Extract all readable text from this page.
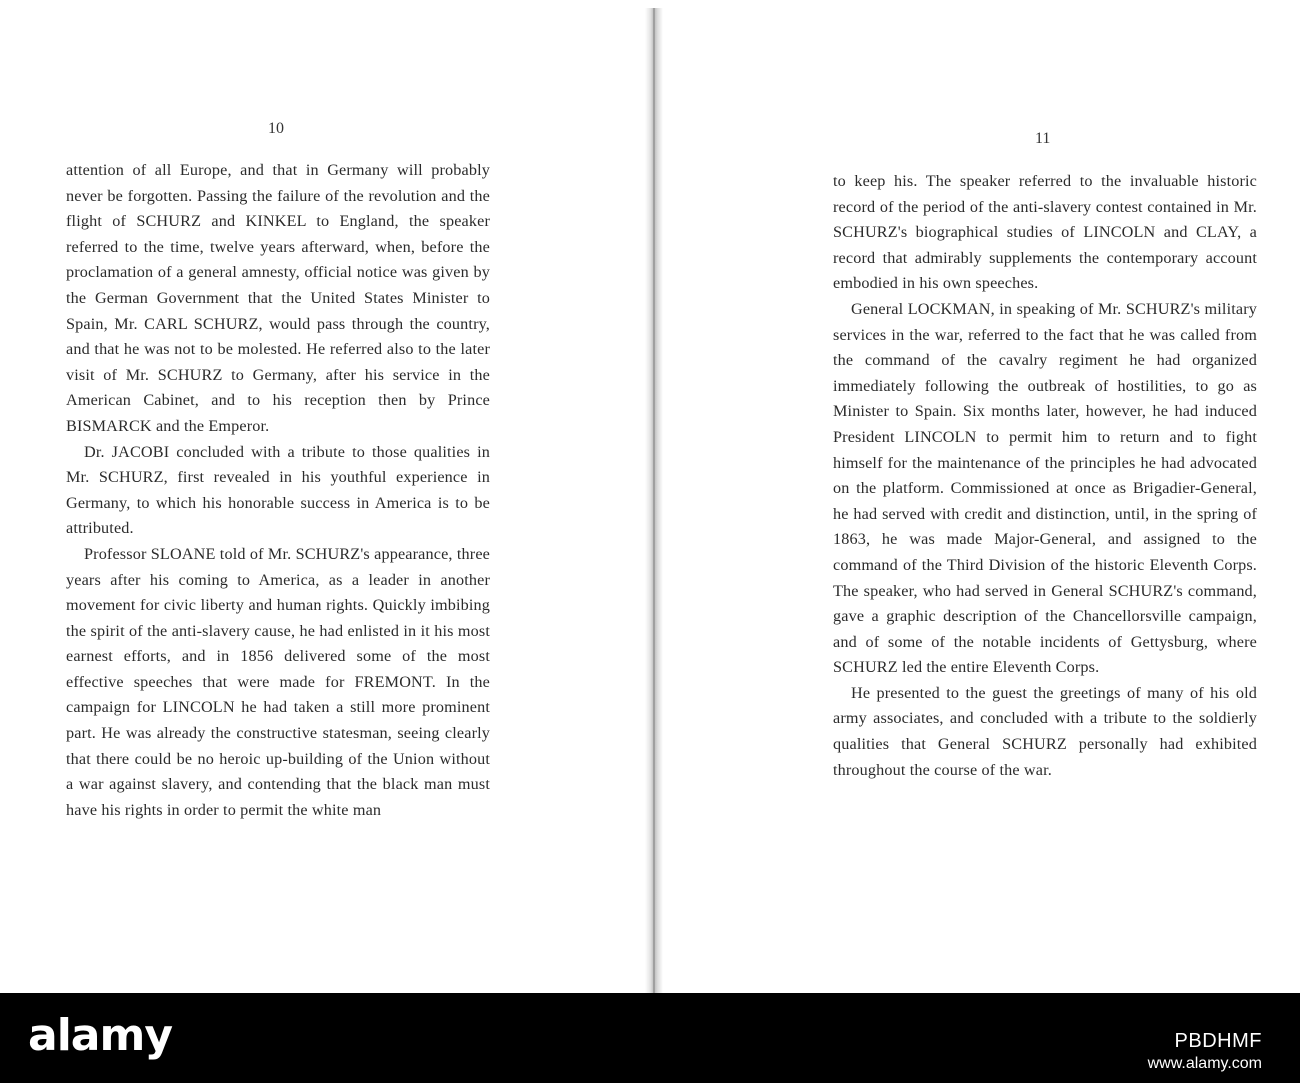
10

attention of all Europe, and that in Germany will probably never be forgotten. Passing the failure of the revolution and the flight of SCHURZ and KINKEL to England, the speaker referred to the time, twelve years afterward, when, before the proclamation of a general amnesty, official notice was given by the German Government that the United States Minister to Spain, Mr. CARL SCHURZ, would pass through the country, and that he was not to be molested. He referred also to the later visit of Mr. SCHURZ to Germany, after his service in the American Cabinet, and to his reception then by Prince BISMARCK and the Emperor.

Dr. JACOBI concluded with a tribute to those qualities in Mr. SCHURZ, first revealed in his youthful experience in Germany, to which his honorable success in America is to be attributed.

Professor SLOANE told of Mr. SCHURZ's appearance, three years after his coming to America, as a leader in another movement for civic liberty and human rights. Quickly imbibing the spirit of the anti-slavery cause, he had enlisted in it his most earnest efforts, and in 1856 delivered some of the most effective speeches that were made for FREMONT. In the campaign for LINCOLN he had taken a still more prominent part. He was already the constructive statesman, seeing clearly that there could be no heroic up-building of the Union without a war against slavery, and contending that the black man must have his rights in order to permit the white man

11

to keep his. The speaker referred to the invaluable historic record of the period of the anti-slavery contest contained in Mr. SCHURZ's biographical studies of LINCOLN and CLAY, a record that admirably supplements the contemporary account embodied in his own speeches.

General LOCKMAN, in speaking of Mr. SCHURZ's military services in the war, referred to the fact that he was called from the command of the cavalry regiment he had organized immediately following the outbreak of hostilities, to go as Minister to Spain. Six months later, however, he had induced President LINCOLN to permit him to return and to fight himself for the maintenance of the principles he had advocated on the platform. Commissioned at once as Brigadier-General, he had served with credit and distinction, until, in the spring of 1863, he was made Major-General, and assigned to the command of the Third Division of the historic Eleventh Corps. The speaker, who had served in General SCHURZ's command, gave a graphic description of the Chancellorsville campaign, and of some of the notable incidents of Gettysburg, where SCHURZ led the entire Eleventh Corps.

He presented to the guest the greetings of many of his old army associates, and concluded with a tribute to the soldierly qualities that General SCHURZ personally had exhibited throughout the course of the war.

alamy	PBDHMF
www.alamy.com
